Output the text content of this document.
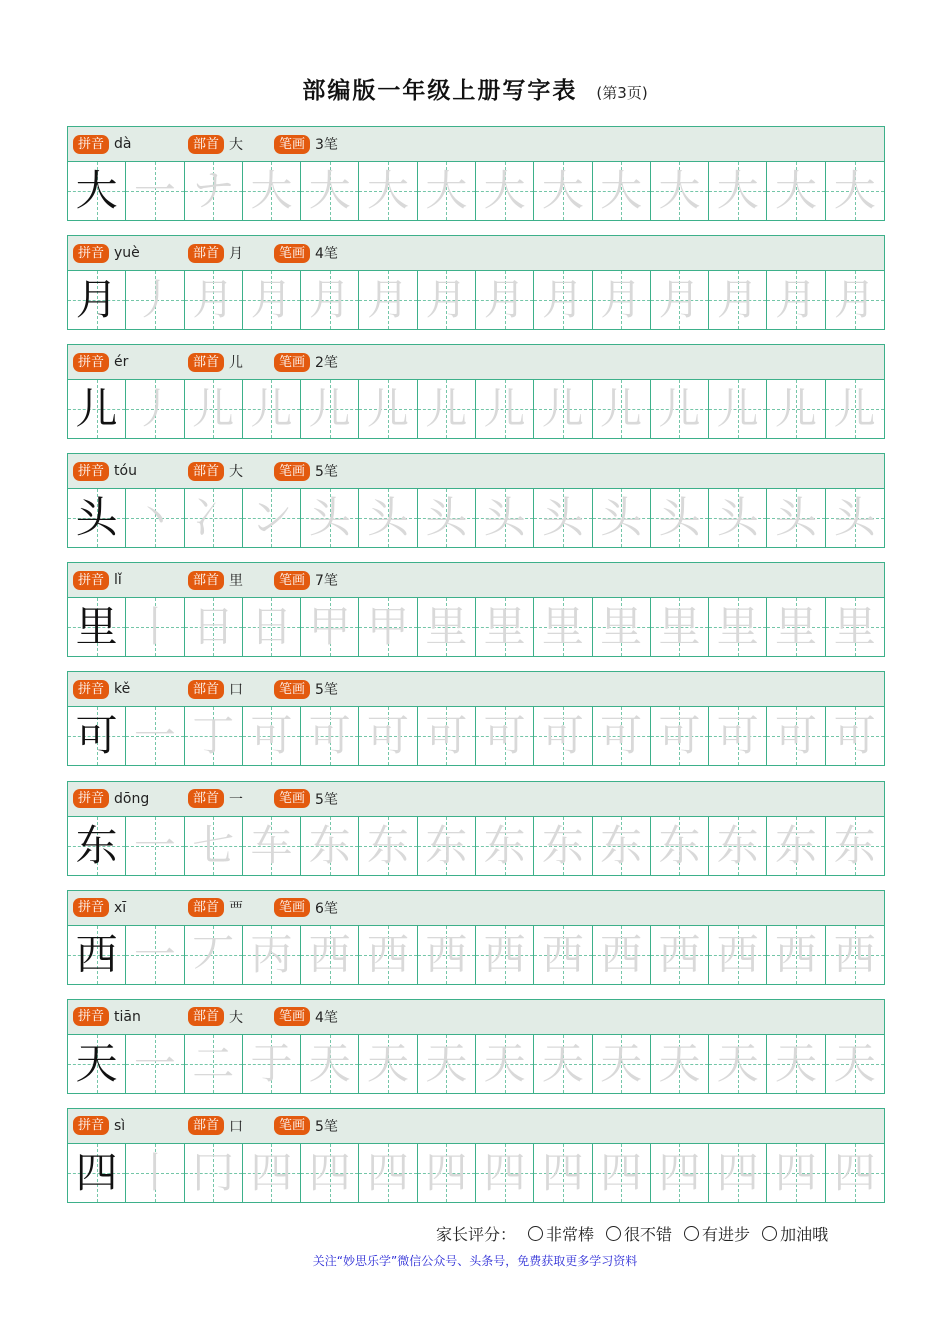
部编版一年级上册写字表 (第3页)
拼音 dà	部首 大	笔画 3笔
大 一 ナ 大 大 大 大 大 大 大 大 大 大 大
拼音 yuè	部首 月	笔画 4笔
月 丿 月 月 月 月 月 月 月 月 月 月 月 月
拼音 ér	部首 儿	笔画 2笔
儿 丿 儿 儿 儿 儿 儿 儿 儿 儿 儿 儿 儿 儿
拼音 tóu	部首 大	笔画 5笔
头 丶 冫 ン 头 头 头 头 头 头 头 头 头 头
拼音 lǐ	部首 里	笔画 7笔
里 丨 日 日 甲 甲 里 里 里 里 里 里 里 里
拼音 kě	部首 口	笔画 5笔
可 一 丁 可 可 可 可 可 可 可 可 可 可 可
拼音 dōng	部首 一	笔画 5笔
东 一 七 车 东 东 东 东 东 东 东 东 东 东
拼音 xī	部首 覀	笔画 6笔
西 一 丆 丙 西 西 西 西 西 西 西 西 西 西
拼音 tiān	部首 大	笔画 4笔
天 一 二 于 天 天 天 天 天 天 天 天 天 天
拼音 sì	部首 口	笔画 5笔
四 丨 冂 四 四 四 四 四 四 四 四 四 四 四
家长评分： 非常棒 很不错 有进步 加油哦
关注“妙思乐学”微信公众号、头条号，免费获取更多学习资料
